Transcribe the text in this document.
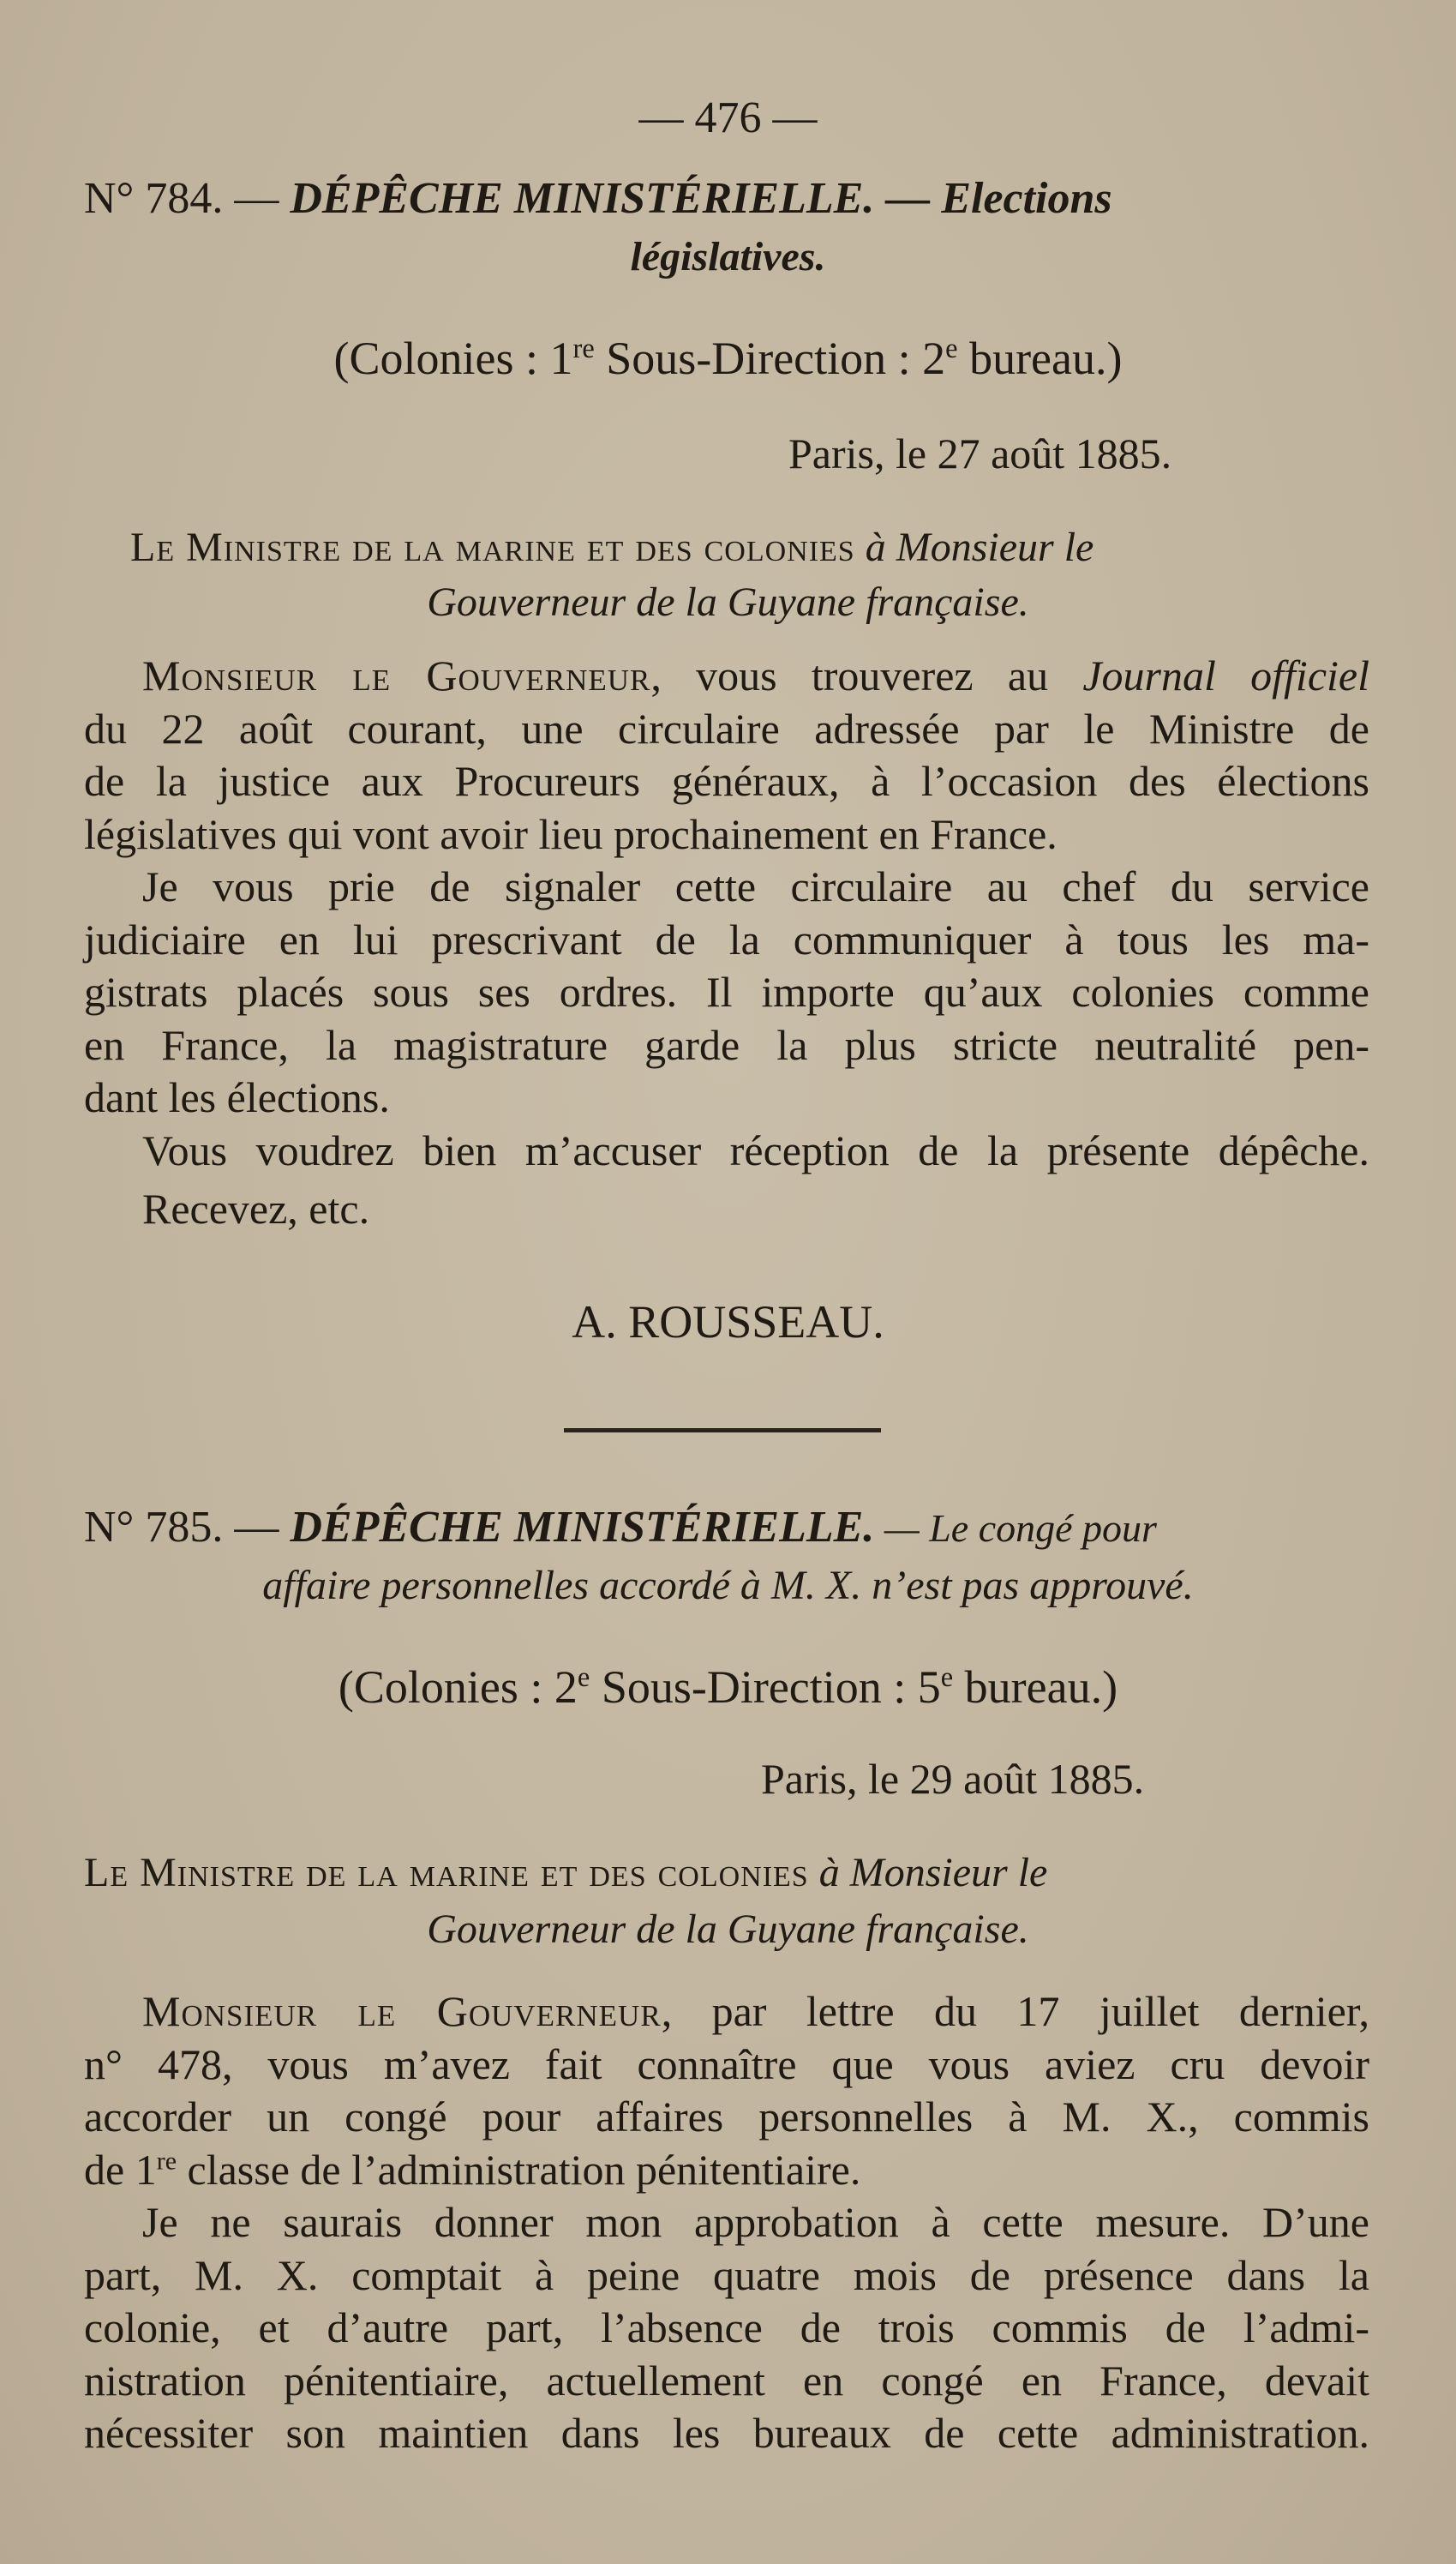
— 476 —
N° 784. — DÉPÊCHE MINISTÉRIELLE. — Elections
législatives.
(Colonies : 1re Sous-Direction : 2e bureau.)
Paris, le 27 août 1885.
Le Ministre de la marine et des colonies à Monsieur le
Gouverneur de la Guyane française.
Monsieur le Gouverneur, vous trouverez au Journal officiel
du 22 août courant, une circulaire adressée par le Ministre de
de la justice aux Procureurs généraux, à l’occasion des élections
législatives qui vont avoir lieu prochainement en France.
Je vous prie de signaler cette circulaire au chef du service
judiciaire en lui prescrivant de la communiquer à tous les ma-
gistrats placés sous ses ordres. Il importe qu’aux colonies comme
en France, la magistrature garde la plus stricte neutralité pen-
dant les élections.
Vous voudrez bien m’accuser réception de la présente dépêche.
Recevez, etc.
A. ROUSSEAU.
N° 785. — DÉPÊCHE MINISTÉRIELLE. — Le congé pour
affaire personnelles accordé à M. X. n’est pas approuvé.
(Colonies : 2e Sous-Direction : 5e bureau.)
Paris, le 29 août 1885.
Le Ministre de la marine et des colonies à Monsieur le
Gouverneur de la Guyane française.
Monsieur le Gouverneur, par lettre du 17 juillet dernier,
n° 478, vous m’avez fait connaître que vous aviez cru devoir
accorder un congé pour affaires personnelles à M. X., commis
de 1re classe de l’administration pénitentiaire.
Je ne saurais donner mon approbation à cette mesure. D’une
part, M. X. comptait à peine quatre mois de présence dans la
colonie, et d’autre part, l’absence de trois commis de l’admi-
nistration pénitentiaire, actuellement en congé en France, devait
nécessiter son maintien dans les bureaux de cette administration.
